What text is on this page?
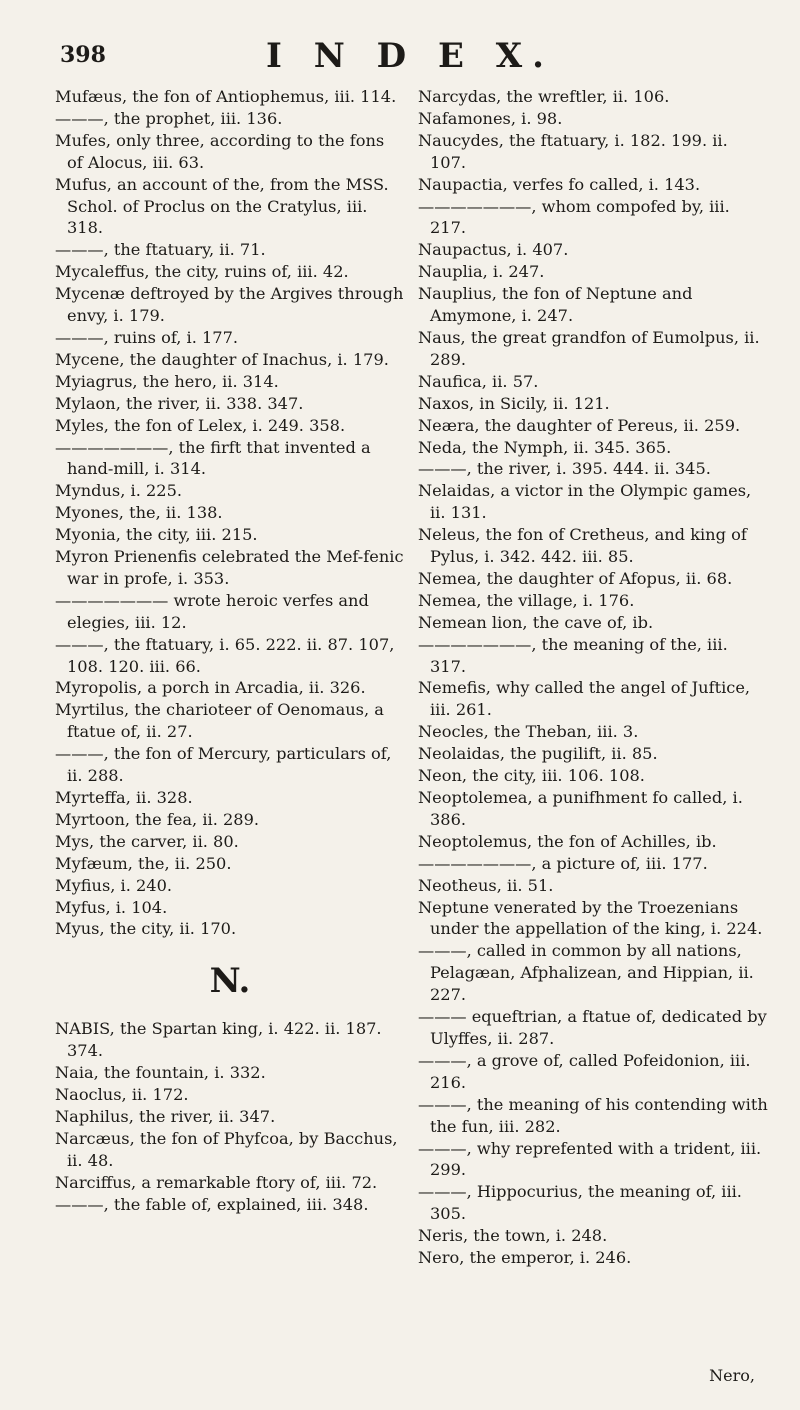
398	I N D E X.

Mufæus, the fon of Antiophemus, iii. 114.

———, the prophet, iii. 136.

Mufes, only three, according to the fons of Alocus, iii. 63.

Mufus, an account of the, from the MSS. Schol. of Proclus on the Cratylus, iii. 318.

———, the ftatuary, ii. 71.

Mycaleffus, the city, ruins of, iii. 42.

Mycenæ deftroyed by the Argives through envy, i. 179.

———, ruins of, i. 177.

Mycene, the daughter of Inachus, i. 179.

Myiagrus, the hero, ii. 314.

Mylaon, the river, ii. 338. 347.

Myles, the fon of Lelex, i. 249. 358.

———————, the firft that invented a hand-mill, i. 314.

Myndus, i. 225.

Myones, the, ii. 138.

Myonia, the city, iii. 215.

Myron Prienenfis celebrated the Mef-fenic war in profe, i. 353.

——————— wrote heroic verfes and elegies, iii. 12.

———, the ftatuary, i. 65. 222. ii. 87. 107, 108. 120. iii. 66.

Myropolis, a porch in Arcadia, ii. 326.

Myrtilus, the charioteer of Oenomaus, a ftatue of, ii. 27.

———, the fon of Mercury, particulars of, ii. 288.

Myrteffa, ii. 328.

Myrtoon, the fea, ii. 289.

Mys, the carver, ii. 80.

Myfæum, the, ii. 250.

Myfius, i. 240.

Myfus, i. 104.

Myus, the city, ii. 170.

N.

NABIS, the Spartan king, i. 422. ii. 187. 374.

Naia, the fountain, i. 332.

Naoclus, ii. 172.

Naphilus, the river, ii. 347.

Narcæus, the fon of Phyfcoa, by Bacchus, ii. 48.

Narciffus, a remarkable ftory of, iii. 72.

———, the fable of, explained, iii. 348.

Narcydas, the wreftler, ii. 106.

Nafamones, i. 98.

Naucydes, the ftatuary, i. 182. 199. ii. 107.

Naupactia, verfes fo called, i. 143.

———————, whom compofed by, iii. 217.

Naupactus, i. 407.

Nauplia, i. 247.

Nauplius, the fon of Neptune and Amymone, i. 247.

Naus, the great grandfon of Eumolpus, ii. 289.

Naufica, ii. 57.

Naxos, in Sicily, ii. 121.

Neæra, the daughter of Pereus, ii. 259.

Neda, the Nymph, ii. 345. 365.

———, the river, i. 395. 444. ii. 345.

Nelaidas, a victor in the Olympic games, ii. 131.

Neleus, the fon of Cretheus, and king of Pylus, i. 342. 442. iii. 85.

Nemea, the daughter of Afopus, ii. 68.

Nemea, the village, i. 176.

Nemean lion, the cave of, ib.

———————, the meaning of the, iii. 317.

Nemefis, why called the angel of Juftice, iii. 261.

Neocles, the Theban, iii. 3.

Neolaidas, the pugilift, ii. 85.

Neon, the city, iii. 106. 108.

Neoptolemea, a punifhment fo called, i. 386.

Neoptolemus, the fon of Achilles, ib.

———————, a picture of, iii. 177.

Neotheus, ii. 51.

Neptune venerated by the Troezenians under the appellation of the king, i. 224.

———, called in common by all nations, Pelagæan, Afphalizean, and Hippian, ii. 227.

——— equeftrian, a ftatue of, dedicated by Ulyffes, ii. 287.

———, a grove of, called Pofeidonion, iii. 216.

———, the meaning of his contending with the fun, iii. 282.

———, why reprefented with a trident, iii. 299.

———, Hippocurius, the meaning of, iii. 305.

Neris, the town, i. 248.

Nero, the emperor, i. 246.

Nero,
